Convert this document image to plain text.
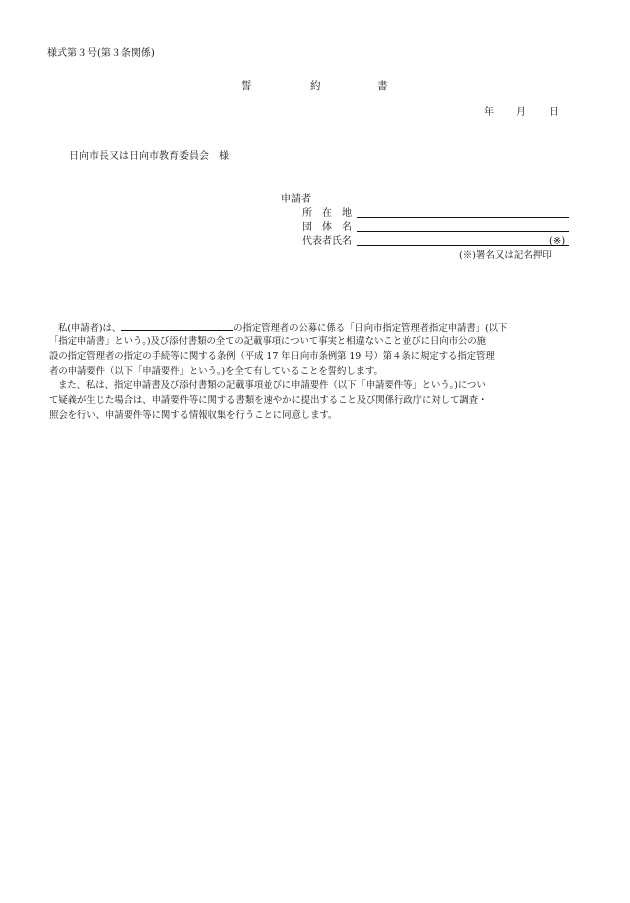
様式第３号(第３条関係)
誓	約	書
年 月 日
日向市長又は日向市教育委員会　様
申請者
所　在　地
団　体　名
代表者氏名	(※)
(※)署名又は記名押印
私(申請者)は、	の指定管理者の公募に係る「日向市指定管理者指定申請書」(以下
「指定申請書」という。)及び添付書類の全ての記載事項について事実と相違ないこと並びに日向市公の施
設の指定管理者の指定の手続等に関する条例（平成 17 年日向市条例第 19 号）第４条に規定する指定管理
者の申請要件（以下「申請要件」という。)を全て有していることを誓約します。
また、私は、指定申請書及び添付書類の記載事項並びに申請要件（以下「申請要件等」という。)につい
て疑義が生じた場合は、申請要件等に関する書類を速やかに提出すること及び関係行政庁に対して調査・
照会を行い、申請要件等に関する情報収集を行うことに同意します。
